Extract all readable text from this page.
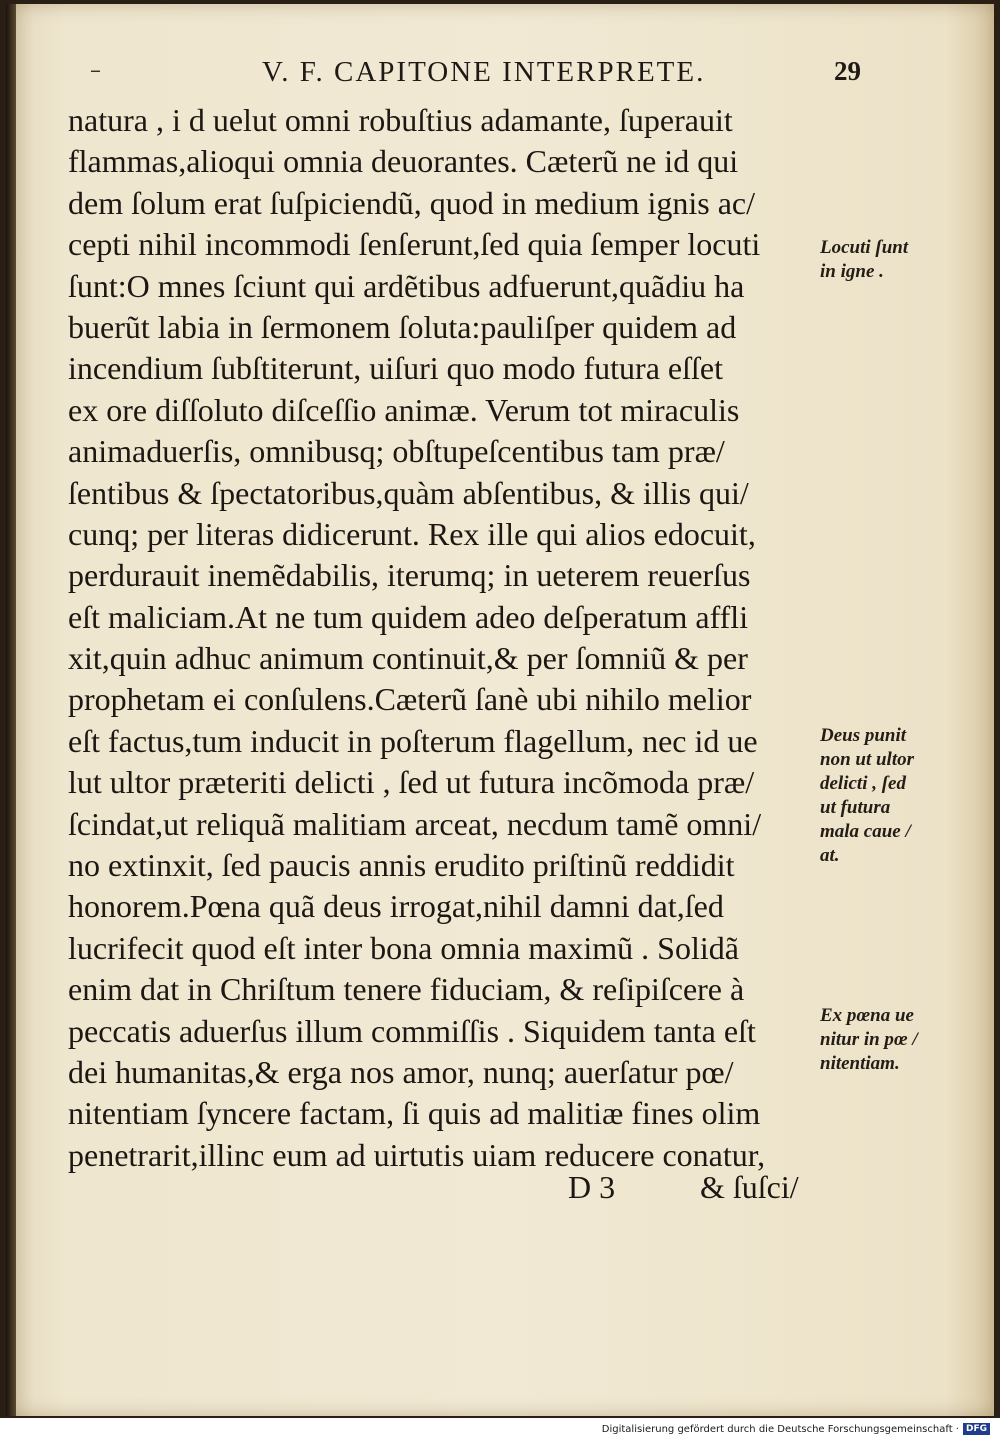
–	V. F. CAPITONE INTERPRETE.	29
natura , i d uelut omni robuſtius adamante, ſuperauit
flammas,alioqui omnia deuorantes. Cæterũ ne id qui
dem ſolum erat ſuſpiciendũ, quod in medium ignis ac/
cepti nihil incommodi ſenſerunt,ſed quia ſemper locuti
ſunt:O mnes ſciunt qui ardẽtibus adfuerunt,quãdiu ha
buerũt labia in ſermonem ſoluta:pauliſper quidem ad
incendium ſubſtiterunt, uiſuri quo modo futura eſſet
ex ore diſſoluto diſceſſio animæ. Verum tot miraculis
animaduerſis, omnibusq; obſtupeſcentibus tam præ/
ſentibus & ſpectatoribus,quàm abſentibus, & illis qui/
cunq; per literas didicerunt. Rex ille qui alios edocuit,
perdurauit inemẽdabilis, iterumq; in ueterem reuerſus
eſt maliciam.At ne tum quidem adeo deſperatum affli
xit,quin adhuc animum continuit,& per ſomniũ & per
prophetam ei conſulens.Cæterũ ſanè ubi nihilo melior
eſt factus,tum inducit in poſterum flagellum, nec id ue
lut ultor præteriti delicti , ſed ut futura incõmoda præ/
ſcindat,ut reliquã malitiam arceat, necdum tamẽ omni/
no extinxit, ſed paucis annis erudito priſtinũ reddidit
honorem.Pœna quã deus irrogat,nihil damni dat,ſed
lucrifecit quod eſt inter bona omnia maximũ . Solidã
enim dat in Chriſtum tenere fiduciam, & reſipiſcere à
peccatis aduerſus illum commiſſis . Siquidem tanta eſt
dei humanitas,& erga nos amor, nunq; auerſatur pœ/
nitentiam ſyncere factam, ſi quis ad malitiæ fines olim
penetrarit,illinc eum ad uirtutis uiam reducere conatur,
D 3	& ſuſci/
Locuti ſunt
in igne .
Deus punit
non ut ultor
delicti , ſed
ut futura
mala caue /
at.
Ex pœna ue
nitur in pœ /
nitentiam.
Digitalisierung gefördert durch die Deutsche Forschungsgemeinschaft · DFG
